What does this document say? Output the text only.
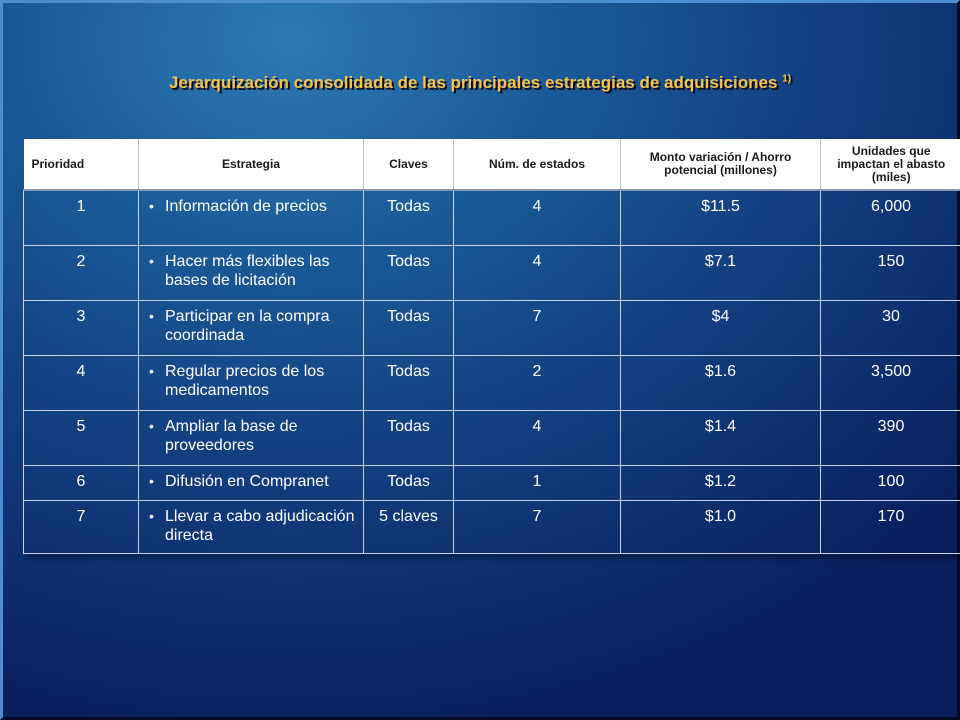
Jerarquización consolidada de las principales estrategias de adquisiciones $^{1)}$
Prioridad	Estrategia	Claves	Núm. de estados	Monto variación / Ahorro potencial (millones)	Unidades que impactan el abasto (miles)
1	• Información de precios	Todas	4	$11.5	6,000
2	• Hacer más flexibles las bases de licitación	Todas	4	$7.1	150
3	• Participar en la compra coordinada	Todas	7	$4	30
4	• Regular precios de los medicamentos	Todas	2	$1.6	3,500
5	• Ampliar la base de proveedores	Todas	4	$1.4	390
6	• Difusión en Compranet	Todas	1	$1.2	100
7	• Llevar a cabo adjudicación directa	5 claves	7	$1.0	170
